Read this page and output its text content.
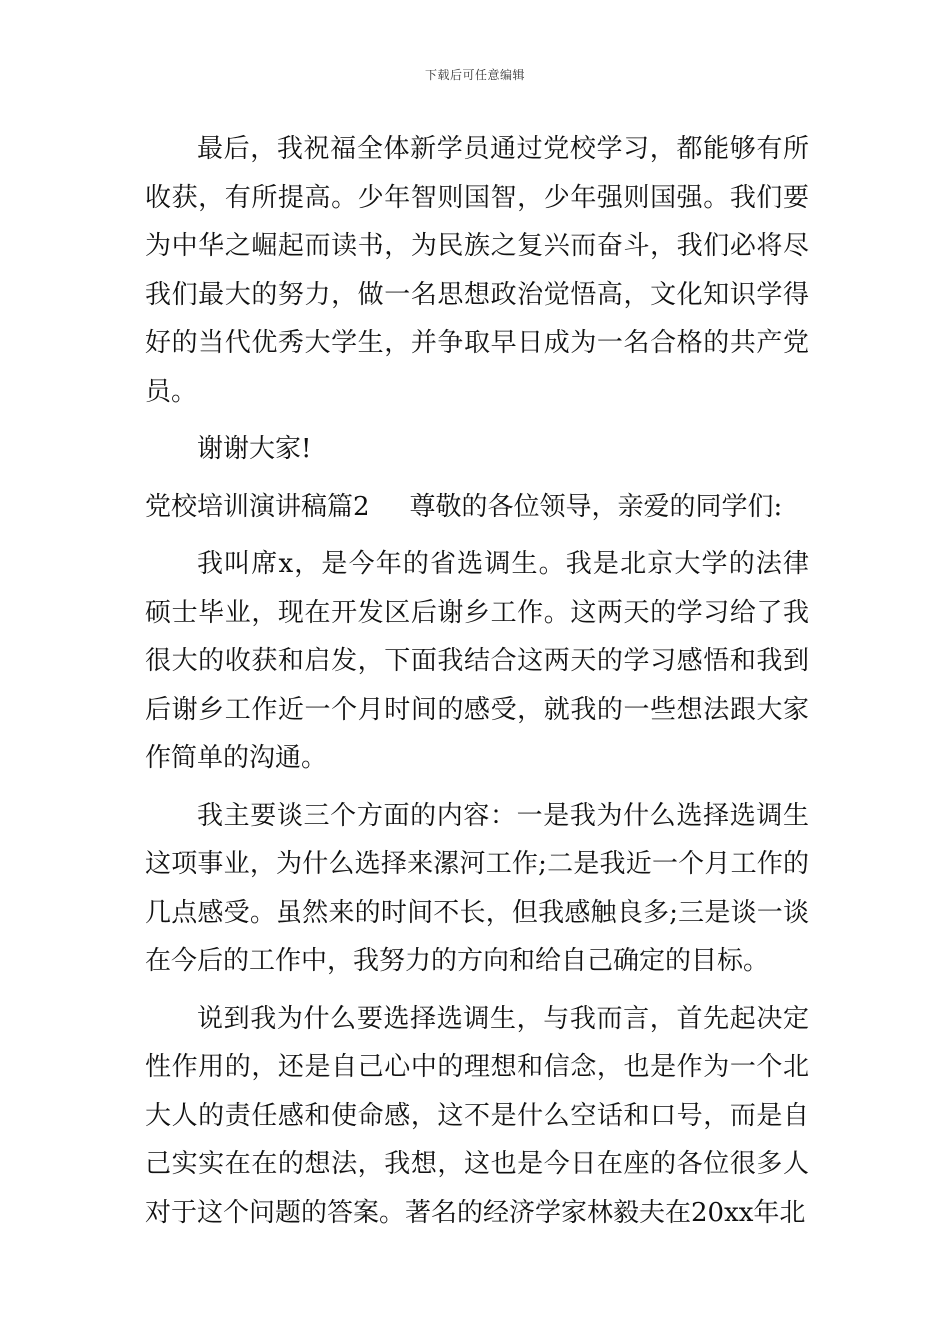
下载后可任意编辑

最后，我祝福全体新学员通过党校学习，都能够有所收获，有所提高。少年智则国智，少年强则国强。我们要为中华之崛起而读书，为民族之复兴而奋斗，我们必将尽我们最大的努力，做一名思想政治觉悟高，文化知识学得好的当代优秀大学生，并争取早日成为一名合格的共产党员。

谢谢大家!

党校培训演讲稿篇2 尊敬的各位领导，亲爱的同学们:

我叫席x，是今年的省选调生。我是北京大学的法律硕士毕业，现在开发区后谢乡工作。这两天的学习给了我很大的收获和启发，下面我结合这两天的学习感悟和我到后谢乡工作近一个月时间的感受，就我的一些想法跟大家作简单的沟通。

我主要谈三个方面的内容：一是我为什么选择选调生这项事业，为什么选择来漯河工作;二是我近一个月工作的几点感受。虽然来的时间不长，但我感触良多;三是谈一谈在今后的工作中，我努力的方向和给自己确定的目标。

说到我为什么要选择选调生，与我而言，首先起决定性作用的，还是自己心中的理想和信念，也是作为一个北大人的责任感和使命感，这不是什么空话和口号，而是自己实实在在的想法，我想，这也是今日在座的各位很多人对于这个问题的答案。著名的经济学家林毅夫在20xx年北
